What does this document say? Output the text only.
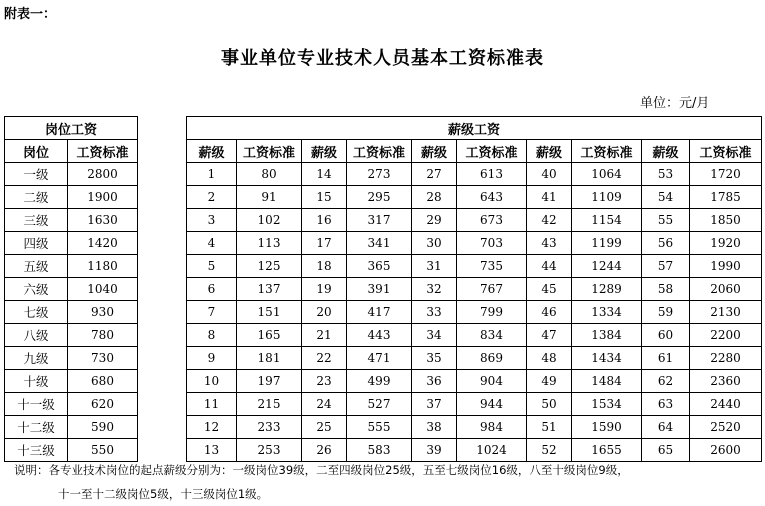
附表一：
事业单位专业技术人员基本工资标准表
单位：元/月
岗位工资	
岗位	工资标准
一级	2800
二级	1900
三级	1630
四级	1420
五级	1180
六级	1040
七级	930
八级	780
九级	730
十级	680
十一级	620
十二级	590
十三级	550
薪级工资									
薪级	工资标准	薪级	工资标准	薪级	工资标准	薪级	工资标准	薪级	工资标准
1	80	14	273	27	613	40	1064	53	1720
2	91	15	295	28	643	41	1109	54	1785
3	102	16	317	29	673	42	1154	55	1850
4	113	17	341	30	703	43	1199	56	1920
5	125	18	365	31	735	44	1244	57	1990
6	137	19	391	32	767	45	1289	58	2060
7	151	20	417	33	799	46	1334	59	2130
8	165	21	443	34	834	47	1384	60	2200
9	181	22	471	35	869	48	1434	61	2280
10	197	23	499	36	904	49	1484	62	2360
11	215	24	527	37	944	50	1534	63	2440
12	233	25	555	38	984	51	1590	64	2520
13	253	26	583	39	1024	52	1655	65	2600
说明：各专业技术岗位的起点薪级分别为：一级岗位39级，二至四级岗位25级，五至七级岗位16级，八至十级岗位9级，
十一至十二级岗位5级，十三级岗位1级。
